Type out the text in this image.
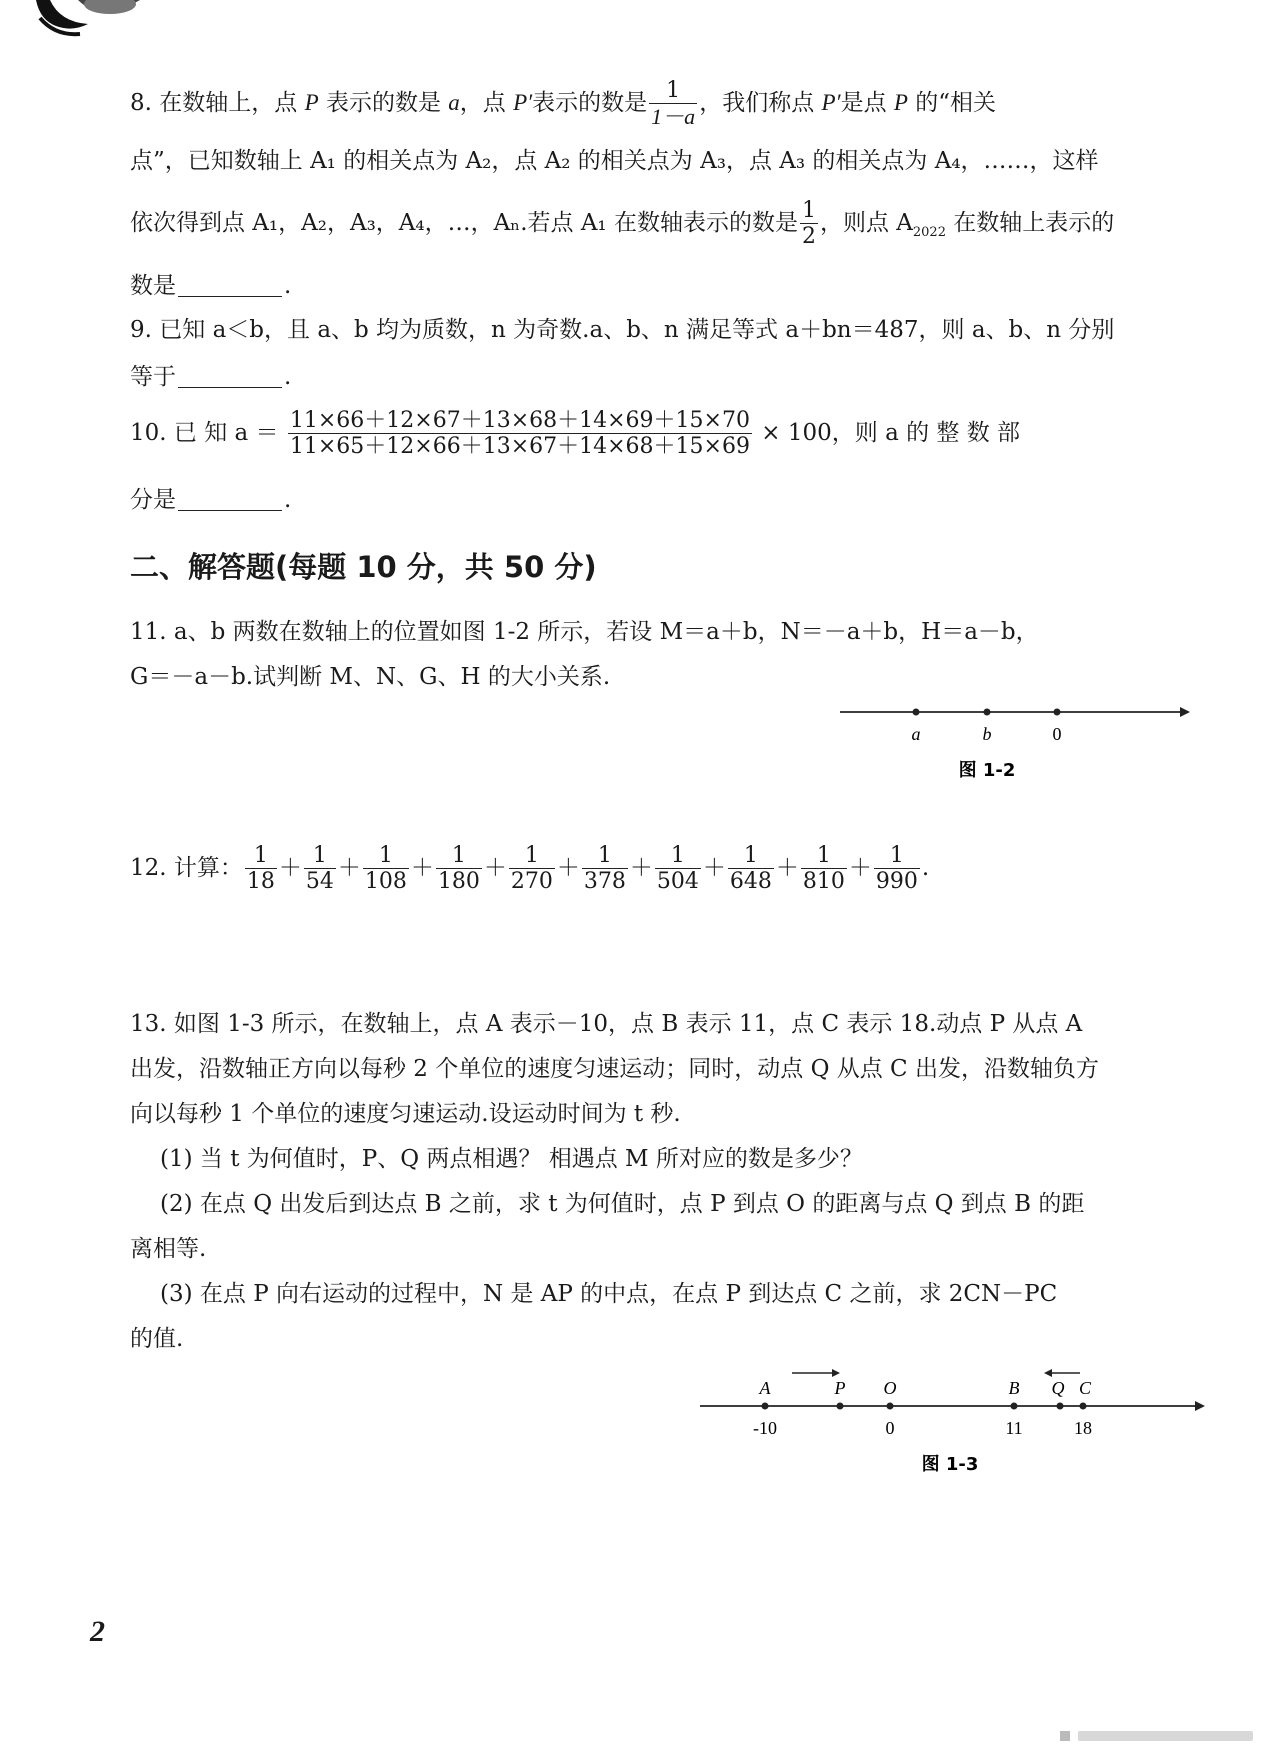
8. 在数轴上，点 P 表示的数是 a，点 P′表示的数是 $\frac{1}{1-a}$ ，我们称点 P′是点 P 的“相关
点”，已知数轴上 A₁ 的相关点为 A₂，点 A₂ 的相关点为 A₃，点 A₃ 的相关点为 A₄，……，这样
依次得到点 A₁，A₂，A₃，A₄，…，Aₙ.若点 A₁ 在数轴表示的数是 $\frac{1}{2}$ ，则点 $A_{2022}$ 在数轴上表示的
数是	.
9. 已知 a＜b，且 a、b 均为质数，n 为奇数.a、b、n 满足等式 a＋bn＝487，则 a、b、n 分别
等于	.
10. 已 知 $a = \frac{11\times 66+12\times 67+13\times 68+14\times 69+15\times 70}{11\times 65+12\times 66+13\times 67+14\times 68+15\times 69} \times 100$，则 a 的 整 数 部
分是	.
二、解答题(每题 10 分，共 50 分)
11. a、b 两数在数轴上的位置如图 1-2 所示，若设 M＝a＋b，N＝－a＋b，H＝a－b，
G＝－a－b.试判断 M、N、G、H 的大小关系.
a	b	0
图 1-2
12. 计算： $\frac{1}{18} + \frac{1}{54} + \frac{1}{108} + \frac{1}{180} + \frac{1}{270} + \frac{1}{378} + \frac{1}{504} + \frac{1}{648} + \frac{1}{810} + \frac{1}{990}$ .
13. 如图 1-3 所示，在数轴上，点 A 表示－10，点 B 表示 11，点 C 表示 18.动点 P 从点 A
出发，沿数轴正方向以每秒 2 个单位的速度匀速运动；同时，动点 Q 从点 C 出发，沿数轴负方
向以每秒 1 个单位的速度匀速运动.设运动时间为 t 秒.
(1) 当 t 为何值时，P、Q 两点相遇？ 相遇点 M 所对应的数是多少？
(2) 在点 Q 出发后到达点 B 之前，求 t 为何值时，点 P 到点 O 的距离与点 Q 到点 B 的距
离相等.
(3) 在点 P 向右运动的过程中，N 是 AP 的中点，在点 P 到达点 C 之前，求 2CN－PC
的值.
A	P O	B Q C
-10	0	11	18
图 1-3
2
